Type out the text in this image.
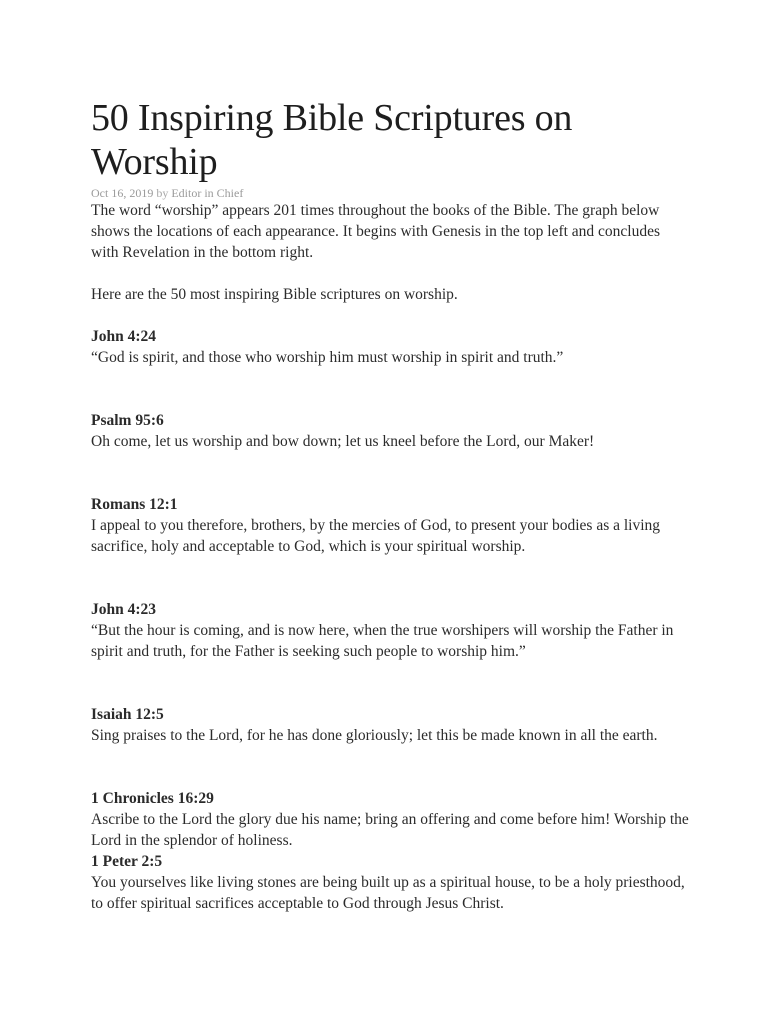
50 Inspiring Bible Scriptures on Worship
Oct 16, 2019 by Editor in Chief

The word “worship” appears 201 times throughout the books of the Bible. The graph below shows the locations of each appearance. It begins with Genesis in the top left and concludes with Revelation in the bottom right.

Here are the 50 most inspiring Bible scriptures on worship.

John 4:24

“God is spirit, and those who worship him must worship in spirit and truth.”

Psalm 95:6

Oh come, let us worship and bow down; let us kneel before the Lord, our Maker!

Romans 12:1

I appeal to you therefore, brothers, by the mercies of God, to present your bodies as a living sacrifice, holy and acceptable to God, which is your spiritual worship.

John 4:23

“But the hour is coming, and is now here, when the true worshipers will worship the Father in spirit and truth, for the Father is seeking such people to worship him.”

Isaiah 12:5

Sing praises to the Lord, for he has done gloriously; let this be made known in all the earth.

1 Chronicles 16:29

Ascribe to the Lord the glory due his name; bring an offering and come before him! Worship the Lord in the splendor of holiness.

1 Peter 2:5

You yourselves like living stones are being built up as a spiritual house, to be a holy priesthood, to offer spiritual sacrifices acceptable to God through Jesus Christ.
